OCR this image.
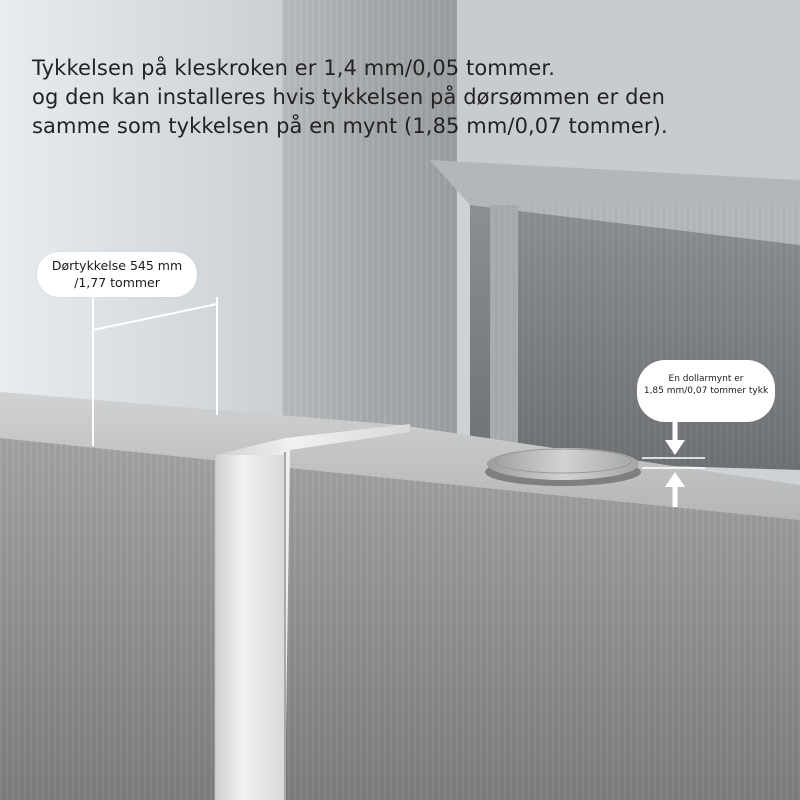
Tykkelsen på kleskroken er 1,4 mm/0,05 tommer.
og den kan installeres hvis tykkelsen på dørsømmen er den
samme som tykkelsen på en mynt (1,85 mm/0,07 tommer).
Dørtykkelse 545 mm
/1,77 tommer
En dollarmynt er
1,85 mm/0,07 tommer tykk
